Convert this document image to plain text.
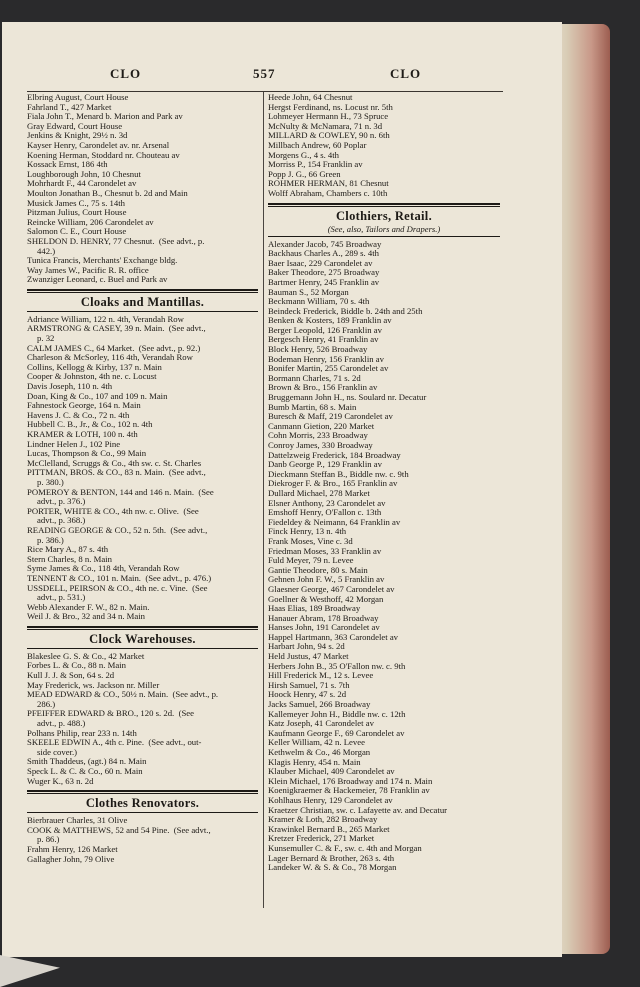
CLO	557	CLO
Elbring August, Court House
Fahrland T., 427 Market
Fiala John T., Menard b. Marion and Park av
Gray Edward, Court House
Jenkins & Knight, 29½ n. 3d
Kayser Henry, Carondelet av. nr. Arsenal
Koening Herman, Stoddard nr. Chouteau av
Kossack Ernst, 186 4th
Loughborough John, 10 Chesnut
Mohrhardt F., 44 Carondelet av
Moulton Jonathan B., Chesnut b. 2d and Main
Musick James C., 75 s. 14th
Pitzman Julius, Court House
Reincke William, 206 Carondelet av
Salomon C. E., Court House
SHELDON D. HENRY, 77 Chesnut.  (See advt., p.
442.)
Tunica Francis, Merchants' Exchange bldg.
Way James W., Pacific R. R. office
Zwanziger Leonard, c. Buel and Park av
Cloaks and Mantillas.
Adriance William, 122 n. 4th, Verandah Row
ARMSTRONG & CASEY, 39 n. Main.  (See advt.,
p. 32
CALM JAMES C., 64 Market.  (See advt., p. 92.)
Charleson & McSorley, 116 4th, Verandah Row
Collins, Kellogg & Kirby, 137 n. Main
Cooper & Johnston, 4th ne. c. Locust
Davis Joseph, 110 n. 4th
Doan, King & Co., 107 and 109 n. Main
Fahnestock George, 164 n. Main
Havens J. C. & Co., 72 n. 4th
Hubbell C. B., Jr., & Co., 102 n. 4th
KRAMER & LOTH, 100 n. 4th
Lindner Helen J., 102 Pine
Lucas, Thompson & Co., 99 Main
McClelland, Scruggs & Co., 4th sw. c. St. Charles
PITTMAN, BROS. & CO., 83 n. Main.  (See advt.,
p. 380.)
POMEROY & BENTON, 144 and 146 n. Main.  (See
advt., p. 376.)
PORTER, WHITE & CO., 4th nw. c. Olive.  (See
advt., p. 368.)
READING GEORGE & CO., 52 n. 5th.  (See advt.,
p. 386.)
Rice Mary A., 87 s. 4th
Stern Charles, 8 n. Main
Syme James & Co., 118 4th, Verandah Row
TENNENT & CO., 101 n. Main.  (See advt., p. 476.)
USSDELL, PEIRSON & CO., 4th ne. c. Vine.  (See
advt., p. 531.)
Webb Alexander F. W., 82 n. Main.
Weil J. & Bro., 32 and 34 n. Main
Clock Warehouses.
Blakeslee G. S. & Co., 42 Market
Forbes L. & Co., 88 n. Main
Kull J. J. & Son, 64 s. 2d
May Frederick, ws. Jackson nr. Miller
MEAD EDWARD & CO., 50½ n. Main.  (See advt., p.
286.)
PFEIFFER EDWARD & BRO., 120 s. 2d.  (See
advt., p. 488.)
Polhans Philip, rear 233 n. 14th
SKEELE EDWIN A., 4th c. Pine.  (See advt., out-
side cover.)
Smith Thaddeus, (agt.) 84 n. Main
Speck L. & C. & Co., 60 n. Main
Wuger K., 63 n. 2d
Clothes Renovators.
Bierbrauer Charles, 31 Olive
COOK & MATTHEWS, 52 and 54 Pine.  (See advt.,
p. 86.)
Frahm Henry, 126 Market
Gallagher John, 79 Olive
Heede John, 64 Chesnut
Hergst Ferdinand, ns. Locust nr. 5th
Lohmeyer Hermann H., 73 Spruce
McNulty & McNamara, 71 n. 3d
MILLARD & COWLEY, 90 n. 6th
Millbach Andrew, 60 Poplar
Morgens G., 4 s. 4th
Morriss P., 154 Franklin av
Popp J. G., 66 Green
ROHMER HERMAN, 81 Chesnut
Wolff Abraham, Chambers c. 10th
Clothiers, Retail.
(See, also, Tailors and Drapers.)
Alexander Jacob, 745 Broadway
Backhaus Charles A., 289 s. 4th
Baer Isaac, 229 Carondelet av
Baker Theodore, 275 Broadway
Bartmer Henry, 245 Franklin av
Bauman S., 52 Morgan
Beckmann William, 70 s. 4th
Beindeck Frederick, Biddle b. 24th and 25th
Benken & Kosters, 189 Franklin av
Berger Leopold, 126 Franklin av
Bergesch Henry, 41 Franklin av
Block Henry, 526 Broadway
Bodeman Henry, 156 Franklin av
Bonifer Martin, 255 Carondelet av
Bormann Charles, 71 s. 2d
Brown & Bro., 156 Franklin av
Bruggemann John H., ns. Soulard nr. Decatur
Bumb Martin, 68 s. Main
Buresch & Maff, 219 Carondelet av
Canmann Gietion, 220 Market
Cohn Morris, 233 Broadway
Conroy James, 330 Broadway
Dattelzweig Frederick, 184 Broadway
Danb George P., 129 Franklin av
Dieckmann Steffan B., Biddle nw. c. 9th
Diekroger F. & Bro., 165 Franklin av
Dullard Michael, 278 Market
Elsner Anthony, 23 Carondelet av
Emshoff Henry, O'Fallon c. 13th
Fiedeldey & Neimann, 64 Franklin av
Finck Henry, 13 n. 4th
Frank Moses, Vine c. 3d
Friedman Moses, 33 Franklin av
Fuld Meyer, 79 n. Levee
Gantie Theodore, 80 s. Main
Gehnen John F. W., 5 Franklin av
Glaesner George, 467 Carondelet av
Goellner & Westhoff, 42 Morgan
Haas Elias, 189 Broadway
Hanauer Abram, 178 Broadway
Hanses John, 191 Carondelet av
Happel Hartmann, 363 Carondelet av
Harbart John, 94 s. 2d
Held Justus, 47 Market
Herbers John B., 35 O'Fallon nw. c. 9th
Hill Frederick M., 12 s. Levee
Hirsh Samuel, 71 s. 7th
Hoock Henry, 47 s. 2d
Jacks Samuel, 266 Broadway
Kallemeyer John H., Biddle nw. c. 12th
Katz Joseph, 41 Carondelet av
Kaufmann George F., 69 Carondelet av
Keller William, 42 n. Levee
Kethwelm & Co., 46 Morgan
Klagis Henry, 454 n. Main
Klauber Michael, 409 Carondelet av
Klein Michael, 176 Broadway and 174 n. Main
Koenigkraemer & Hackemeier, 78 Franklin av
Kohlhaus Henry, 129 Carondelet av
Kraetzer Christian, sw. c. Lafayette av. and Decatur
Kramer & Loth, 282 Broadway
Krawinkel Bernard B., 265 Market
Kretzer Frederick, 271 Market
Kunsemuller C. & F., sw. c. 4th and Morgan
Lager Bernard & Brother, 263 s. 4th
Landeker W. & S. & Co., 78 Morgan
